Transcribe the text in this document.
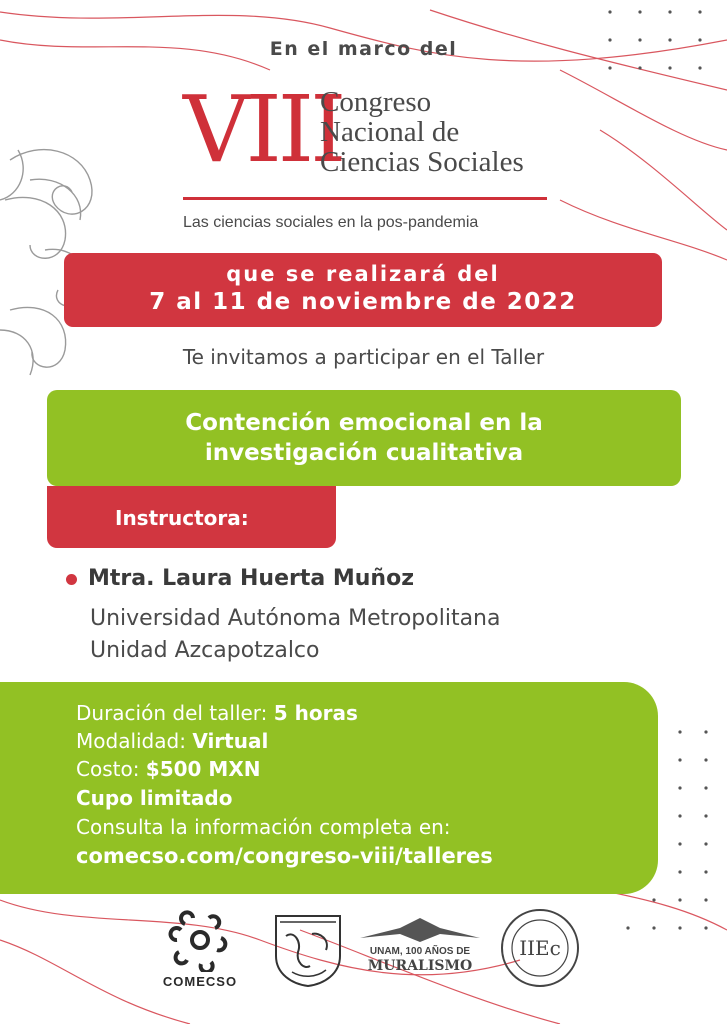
En el marco del
VIII
Congreso
Nacional de
Ciencias Sociales
Las ciencias sociales en la pos-pandemia
que se realizará del
7 al 11 de noviembre de 2022
Te invitamos a participar en el Taller
Contención emocional en la
investigación cualitativa
Instructora:
Mtra. Laura Huerta Muñoz
Universidad Autónoma Metropolitana
Unidad Azcapotzalco
Duración del taller: 5 horas
Modalidad: Virtual
Costo: $500 MXN
Cupo limitado
Consulta la información completa en:
comecso.com/congreso-viii/talleres
COMECSO
UNAM, 100 AÑOS DE
MURALISMO
IIEc
